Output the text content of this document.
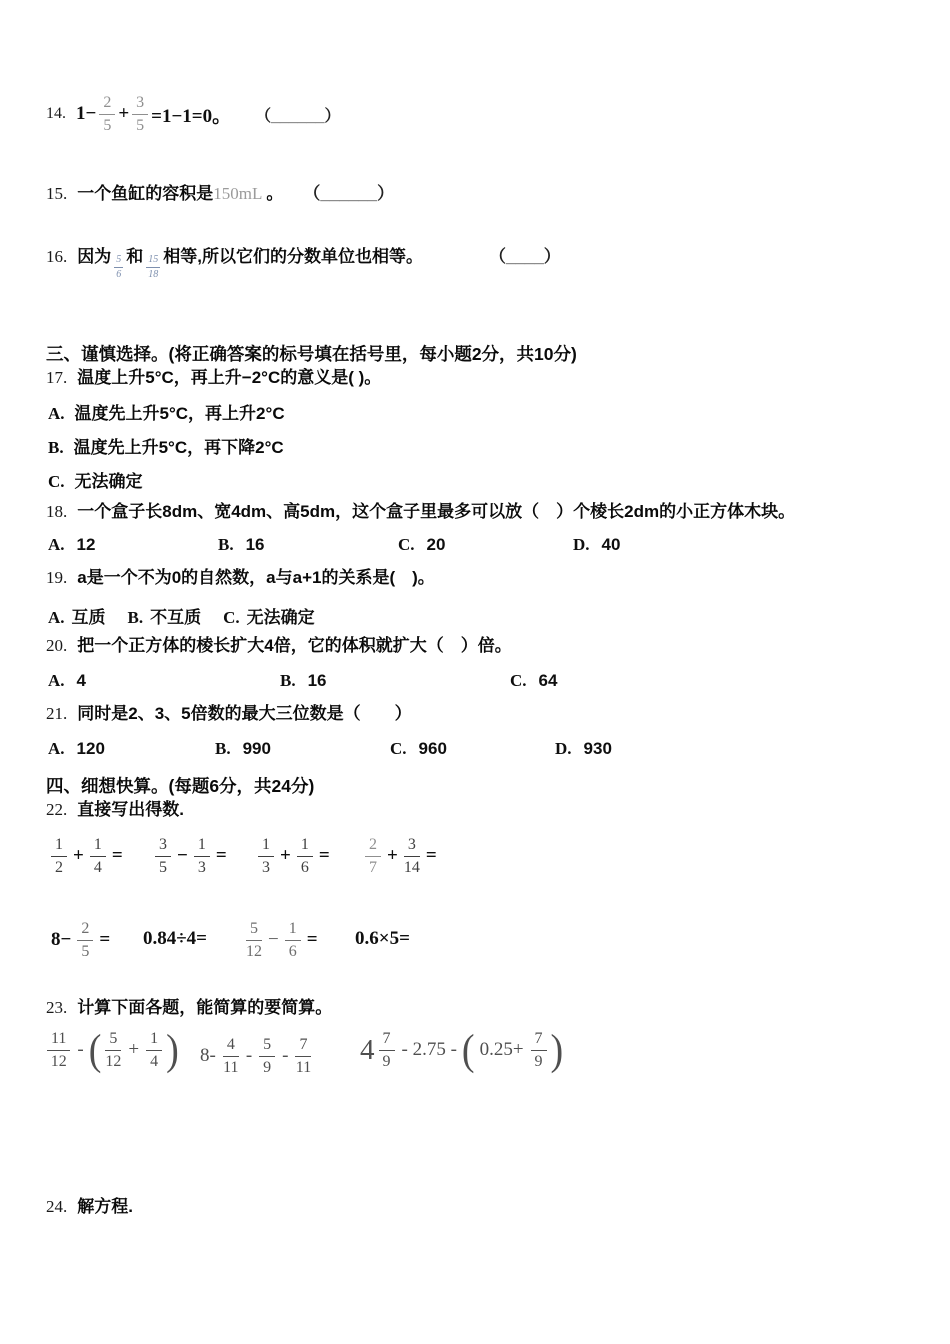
14. $1- \frac{2}{5} + \frac{3}{5} =1-1=0$。 （______）
15. 一个鱼缸的容积是 150mL 。 （______）
16. 因为 $\frac{5}{6}$ 和 $\frac{15}{18}$ 相等,所以它们的分数单位也相等。	（____）
三、谨慎选择。(将正确答案的标号填在括号里，每小题2分，共10分)
17. 温度上升5°C，再上升−2°C的意义是( )。
A. 温度先上升5°C，再上升2°C
B. 温度先上升5°C，再下降2°C
C. 无法确定
18. 一个盒子长8dm、宽4dm、高5dm，这个盒子里最多可以放（　）个棱长2dm的小正方体木块。
A. 12	B. 16	C. 20	D. 40
19. a是一个不为0的自然数，a与a+1的关系是(　)。
A. 互质 B. 不互质 C. 无法确定
20. 把一个正方体的棱长扩大4倍，它的体积就扩大（　）倍。
A. 4	B. 16	C. 64
21. 同时是2、3、5倍数的最大三位数是（　　）
A. 120	B. 990	C. 960	D. 930
四、细想快算。(每题6分，共24分)
22. 直接写出得数.
$\frac{1}{2} + \frac{1}{4} = \frac{3}{5} - \frac{1}{3} = \frac{1}{3} + \frac{1}{6} = \frac{2}{7} + \frac{3}{14}$ =
$8- \frac{2}{5} = 0.84\div 4= \frac{5}{12} - \frac{1}{6} = 0.6\times 5=$
23. 计算下面各题，能简算的要简算。
$\frac{11}{12}$ - ( $\frac{5}{12} + \frac{1}{4}$ ) $8- \frac{4}{11} - \frac{5}{9} - \frac{7}{11} 4 \frac{7}{9} - 2.75$ - ( $0.25+ \frac{7}{9}$ )
24. 解方程.
